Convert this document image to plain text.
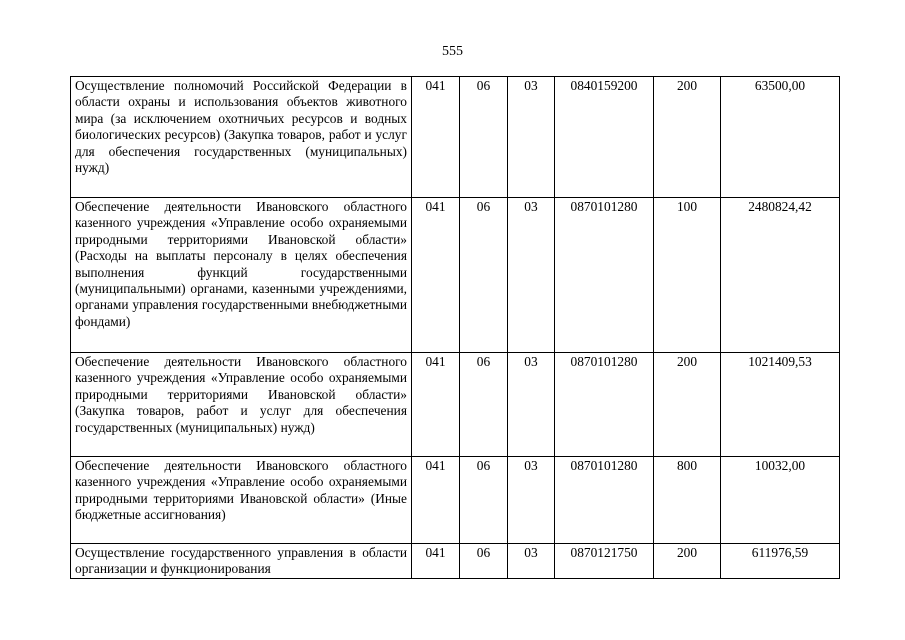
555
Осуществление полномочий Российской Федерации в области охраны и использования объектов животного мира (за исключением охотничьих ресурсов и водных биологических ресурсов) (Закупка товаров, работ и услуг для обеспечения государственных (муниципальных) нужд)	041	06	03	0840159200	200	63500,00
Обеспечение деятельности Ивановского областного казенного учреждения «Управление особо охраняемыми природными территориями Ивановской области» (Расходы на выплаты персоналу в целях обеспечения выполнения функций государственными (муниципальными) органами, казенными учреждениями, органами управления государственными внебюджетными фондами)	041	06	03	0870101280	100	2480824,42
Обеспечение деятельности Ивановского областного казенного учреждения «Управление особо охраняемыми природными территориями Ивановской области» (Закупка товаров, работ и услуг для обеспечения государственных (муниципальных) нужд)	041	06	03	0870101280	200	1021409,53
Обеспечение деятельности Ивановского областного казенного учреждения «Управление особо охраняемыми природными территориями Ивановской области» (Иные бюджетные ассигнования)	041	06	03	0870101280	800	10032,00
Осуществление государственного управления в области организации и функционирования	041	06	03	0870121750	200	611976,59
